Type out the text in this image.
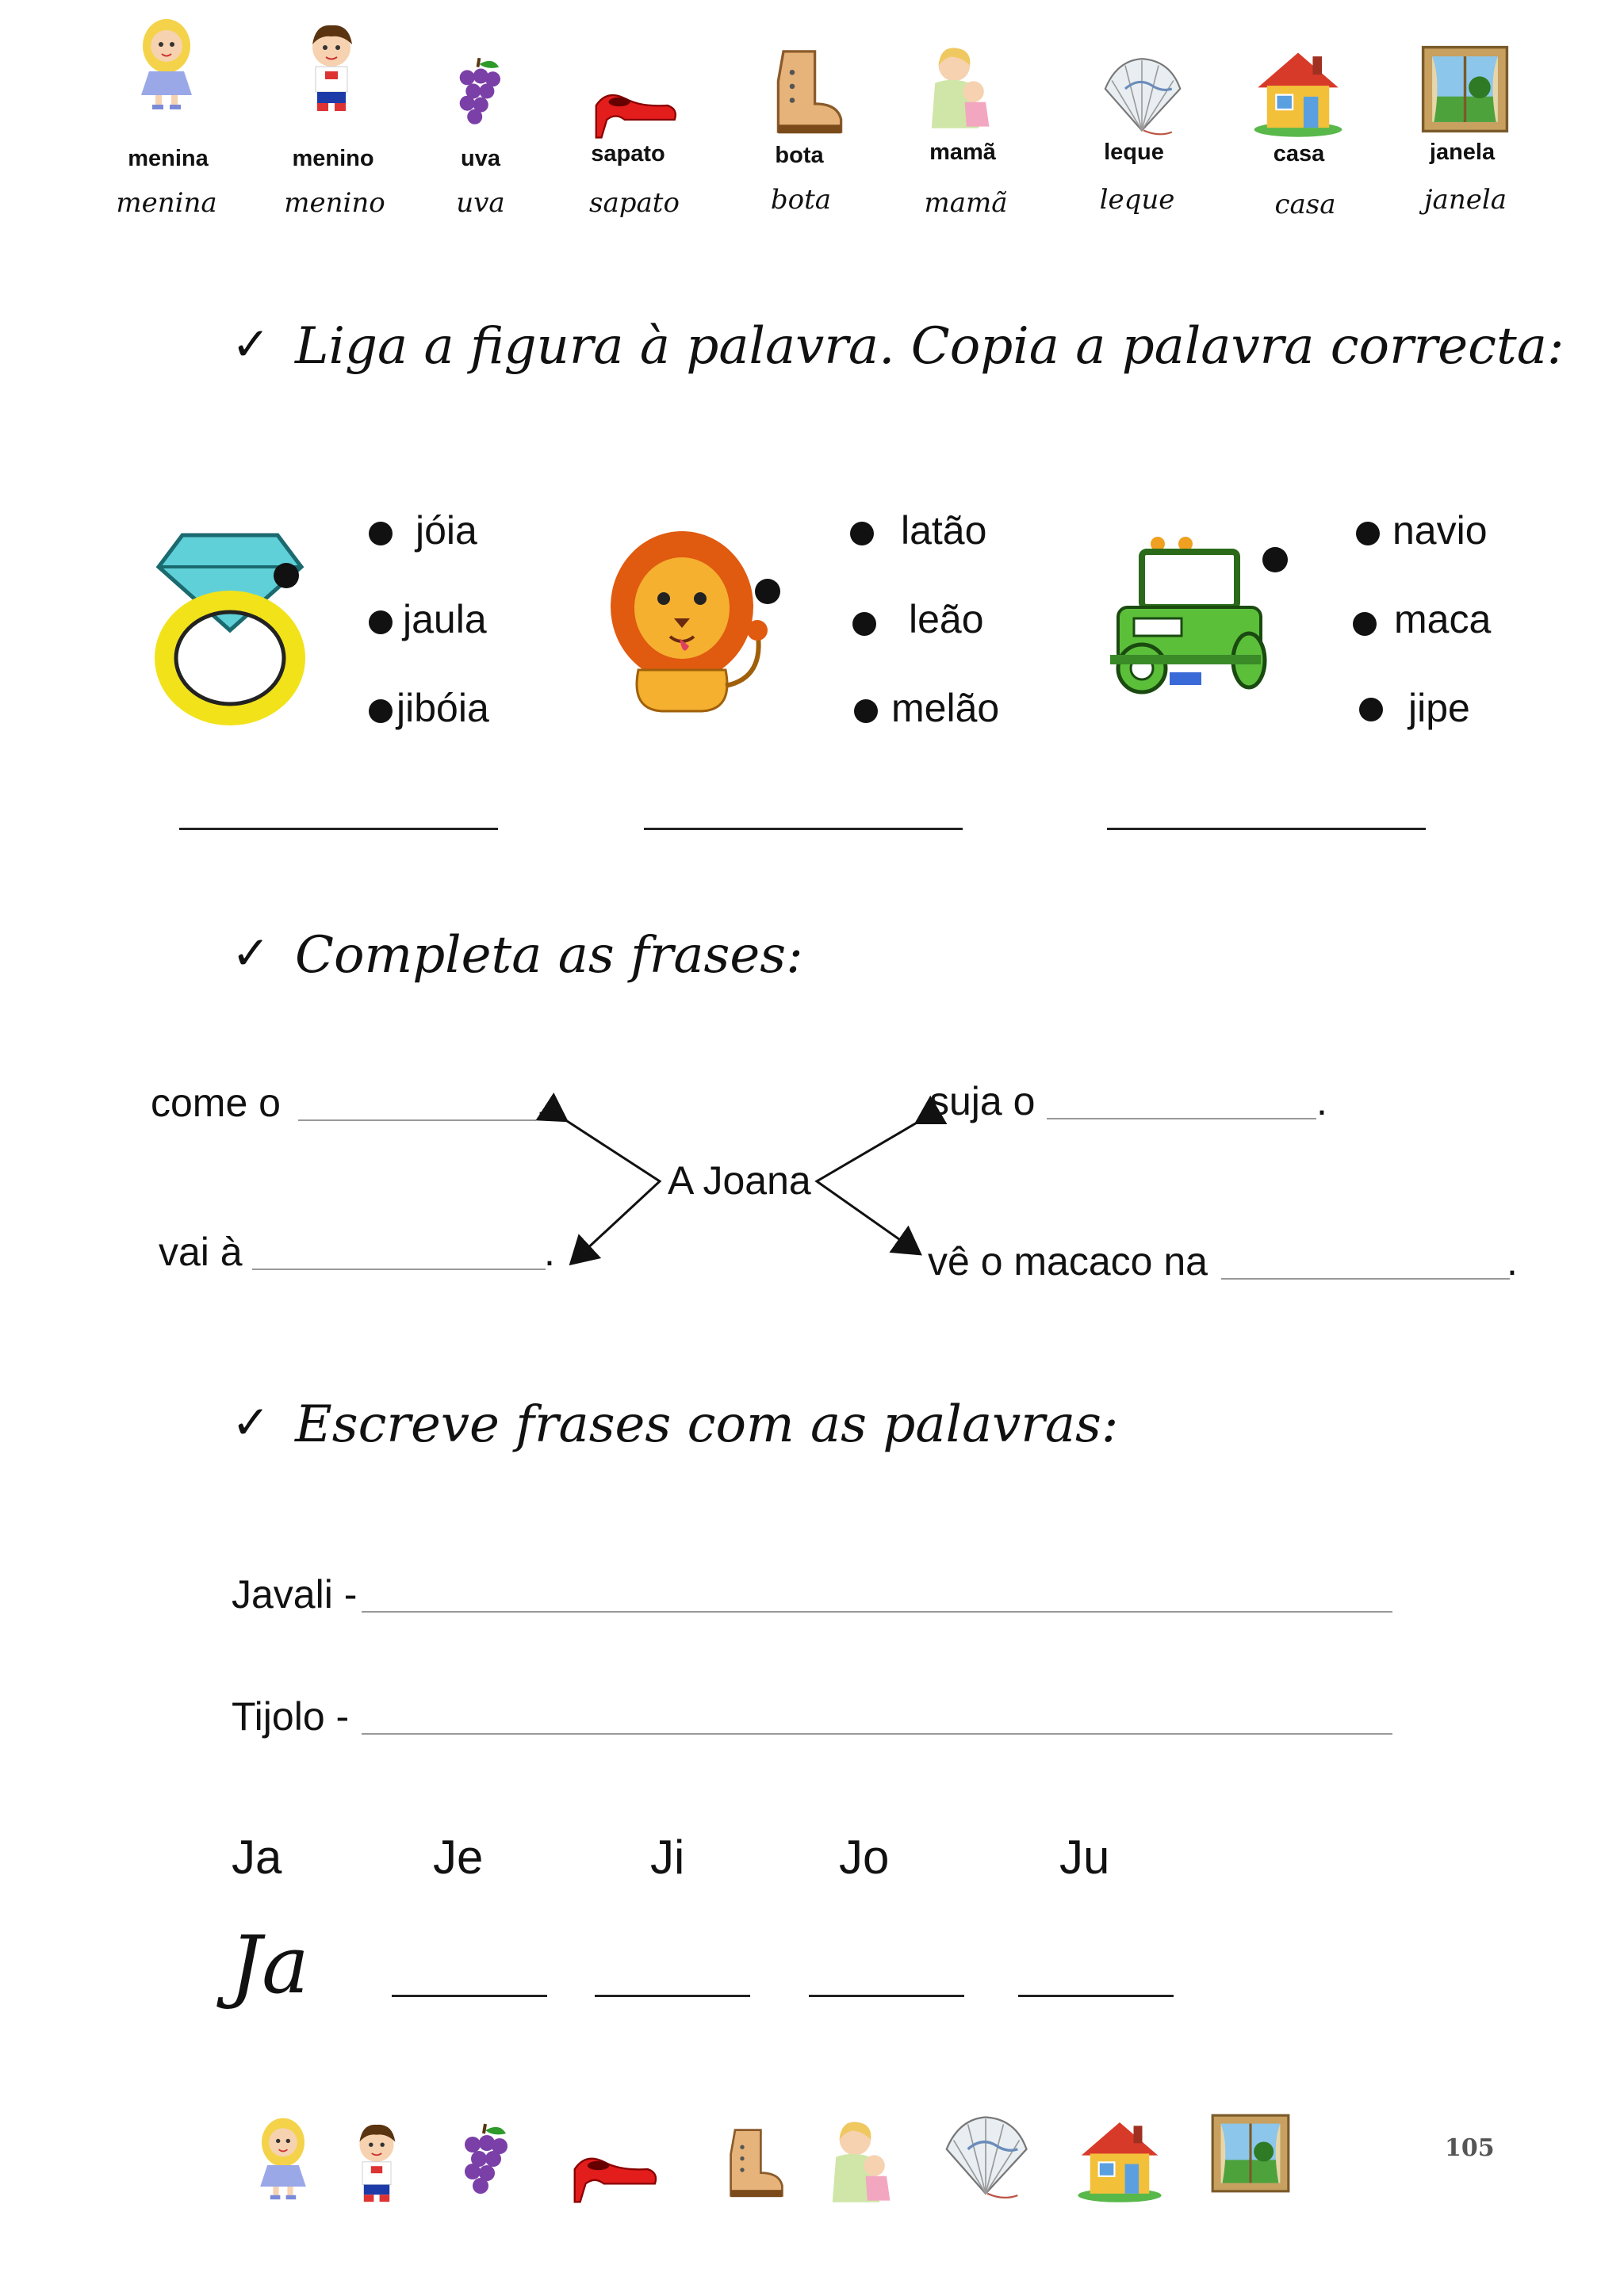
menina	menino	uva	sapato	bota	mamã	leque	casa	janela
menina	menino	uva	sapato	bota	mamã	leque	casa	janela
✓ Liga a figura à palavra. Copia a palavra correcta:
jóia
jaula
jibóia
latão
leão
melão
navio
maca
jipe
✓ Completa as frases:
come o	.
vai à	.
suja o	.
vê o macaco na	.
A Joana
✓ Escreve frases com as palavras:
Javali -
Tijolo -
Ja	Je	Ji	Jo	Ju
Ja
105
